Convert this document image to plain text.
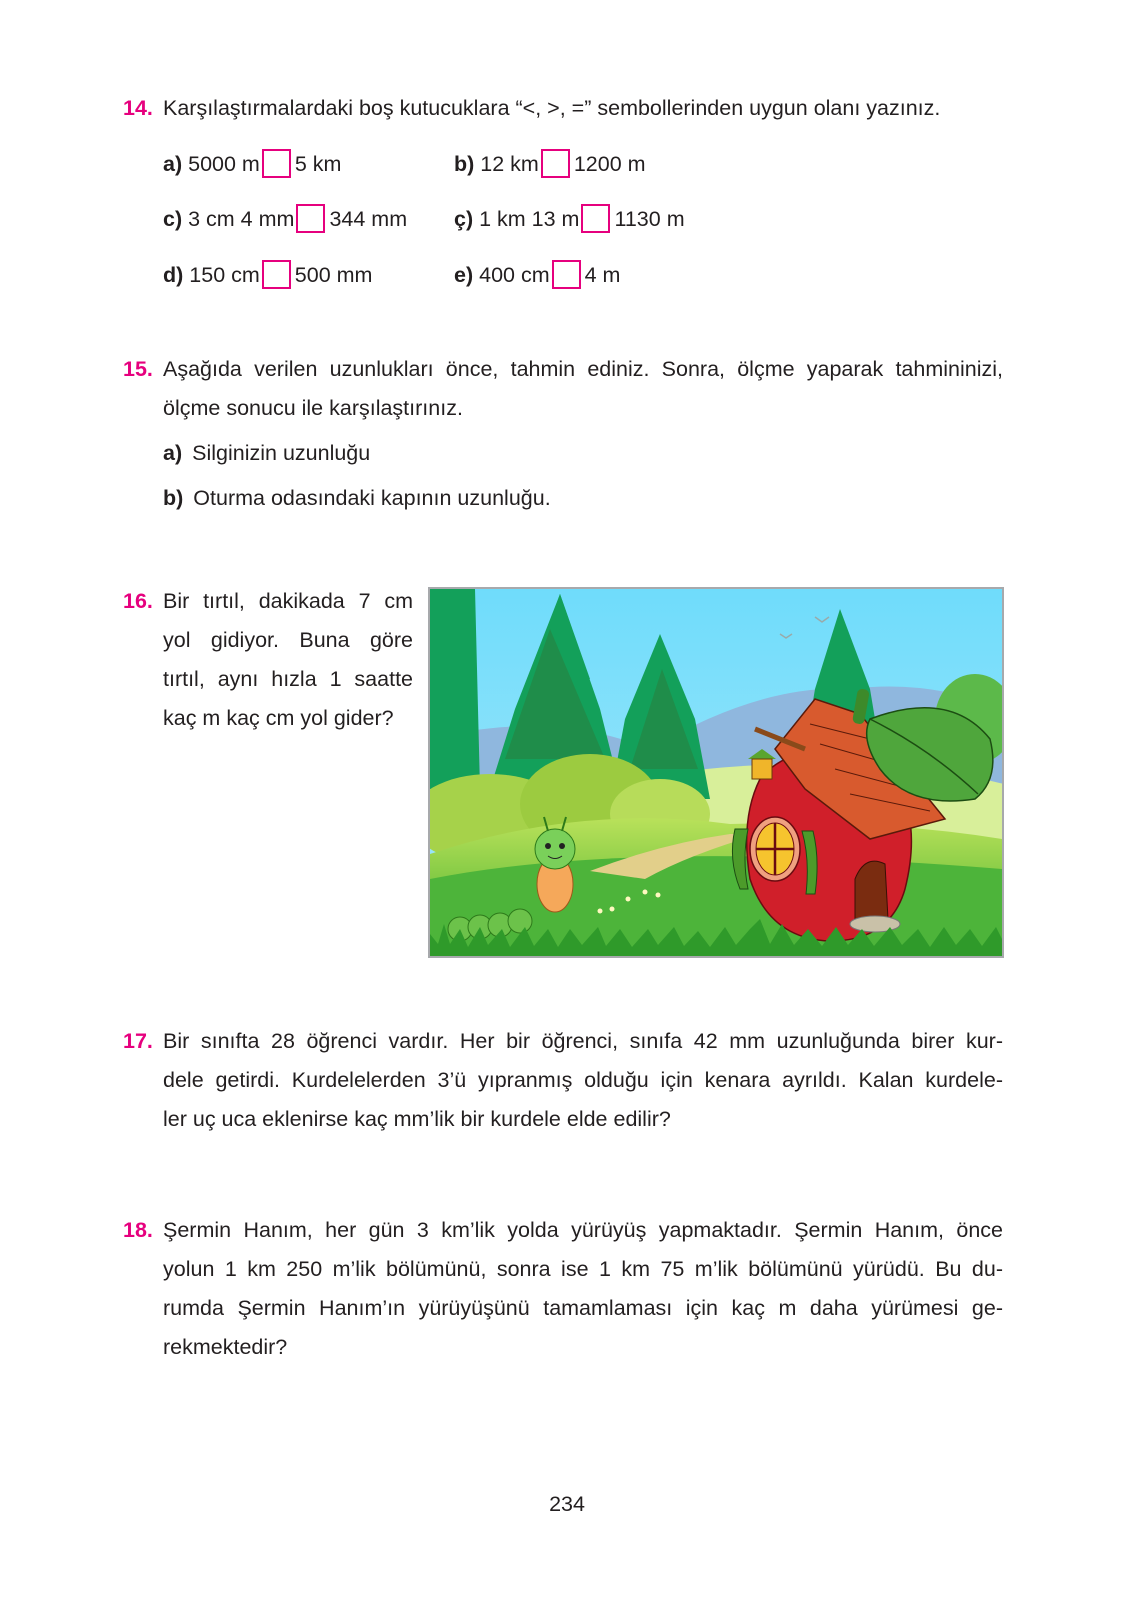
14. Karşılaştırmalardaki boş kutucuklara “<, >, =” sembollerinden uygun olanı yazınız.
a) 5000 m 5 km	b) 12 km 1200 m
c) 3 cm 4 mm 344 mm ç) 1 km 13 m 1130 m
d) 150 cm 500 mm	e) 400 cm 4 m
15. Aşağıda verilen uzunlukları önce, tahmin ediniz. Sonra, ölçme yaparak tahmininizi,
ölçme sonucu ile karşılaştırınız.
a) Silginizin uzunluğu
b) Oturma odasındaki kapının uzunluğu.
16. Bir tırtıl, dakikada 7 cm
yol gidiyor. Buna göre
tırtıl, aynı hızla 1 saatte
kaç m kaç cm yol gider?
17. Bir sınıfta 28 öğrenci vardır. Her bir öğrenci, sınıfa 42 mm uzunluğunda birer kur-
dele getirdi. Kurdelelerden 3’ü yıpranmış olduğu için kenara ayrıldı. Kalan kurdele-
ler uç uca eklenirse kaç mm’lik bir kurdele elde edilir?
18. Şermin Hanım, her gün 3 km’lik yolda yürüyüş yapmaktadır. Şermin Hanım, önce
yolun 1 km 250 m’lik bölümünü, sonra ise 1 km 75 m’lik bölümünü yürüdü. Bu du-
rumda Şermin Hanım’ın yürüyüşünü tamamlaması için kaç m daha yürümesi ge-
rekmektedir?
234
